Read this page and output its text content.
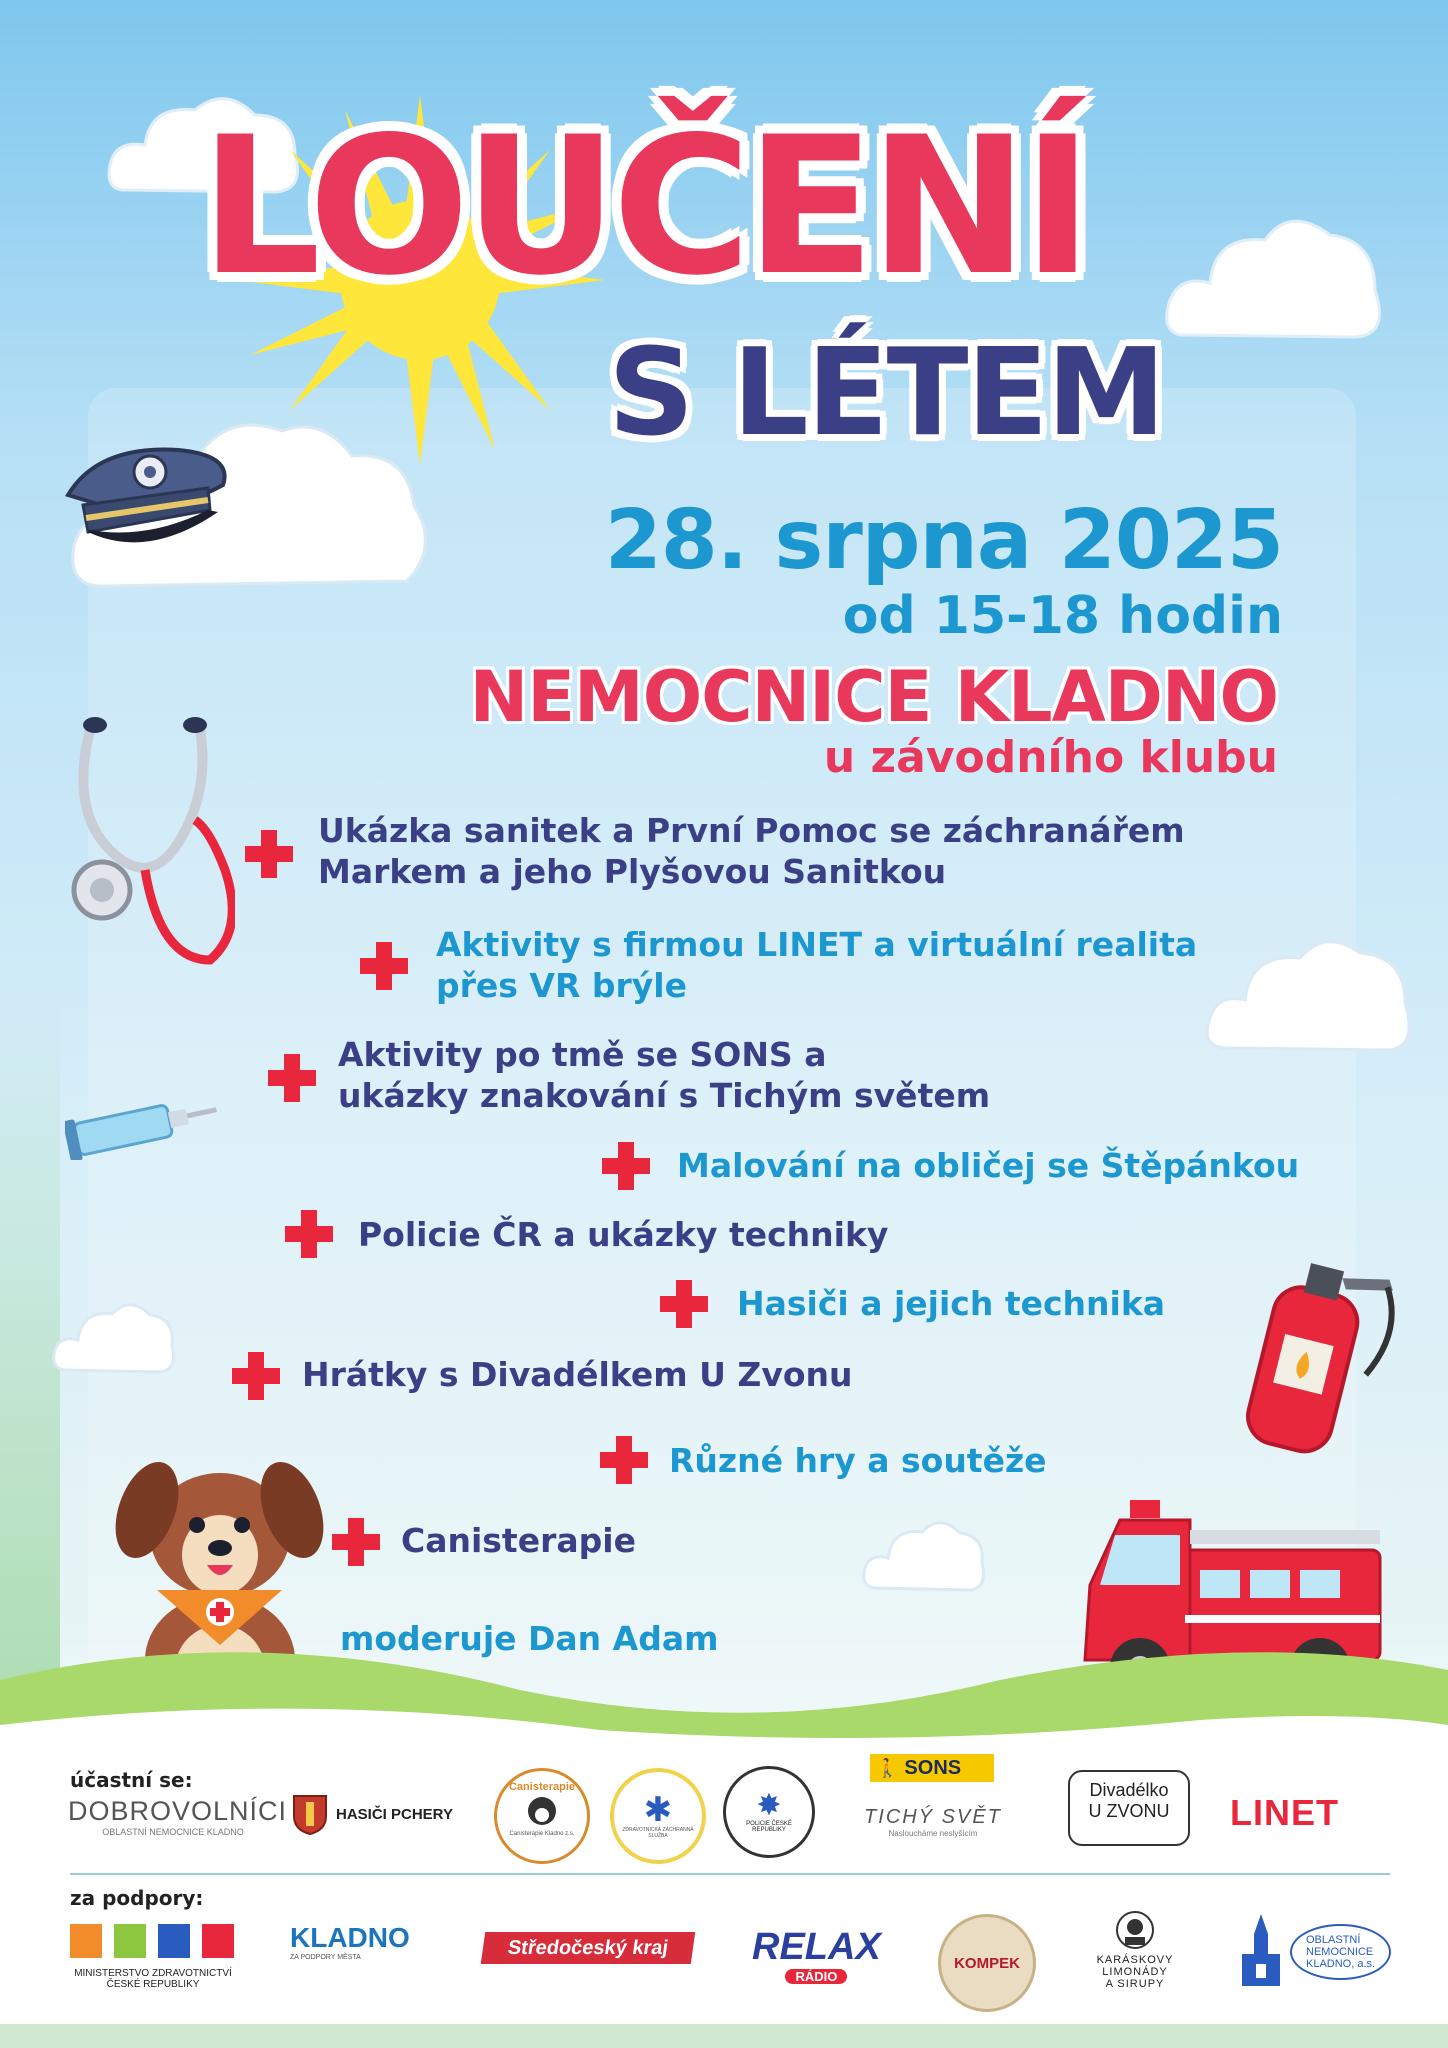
LOUČENÍ
S LÉTEM
28. srpna 2025
od 15-18 hodin
NEMOCNICE KLADNO
u závodního klubu
Ukázka sanitek a První Pomoc se záchranářem
Markem a jeho Plyšovou Sanitkou
Aktivity s firmou LINET a virtuální realita
přes VR brýle
Aktivity po tmě se SONS a
ukázky znakování s Tichým světem
Malování na obličej se Štěpánkou
Policie ČR a ukázky techniky
Hasiči a jejich technika
Hrátky s Divadélkem U Zvonu
Různé hry a soutěže
Canisterapie
moderuje Dan Adam
účastní se:
DOBROVOLNÍCI
OBLASTNÍ NEMOCNICE KLADNO
HASIČI PCHERY
Canisterapie
Canisterapie Kladno z.s.
✱
ZDRAVOTNICKÁ ZÁCHRANNÁ SLUŽBA
✸
POLICIE ČESKÉ REPUBLIKY
🚶 SONS
TICHÝ SVĚT
Nasloucháme neslyšícím
Divadélko
U ZVONU	LINET
za podpory:
MINISTERSTVO ZDRAVOTNICTVÍ
ČESKÉ REPUBLIKY
KLADNO
ZA PODPORY MĚSTA	Středočeský kraj	RELAX
RÁDIO
KOMPEK	KARÁSKOVY
LIMONÁDY
A SIRUPY
OBLASTNÍ
NEMOCNICE
KLADNO, a.s.
